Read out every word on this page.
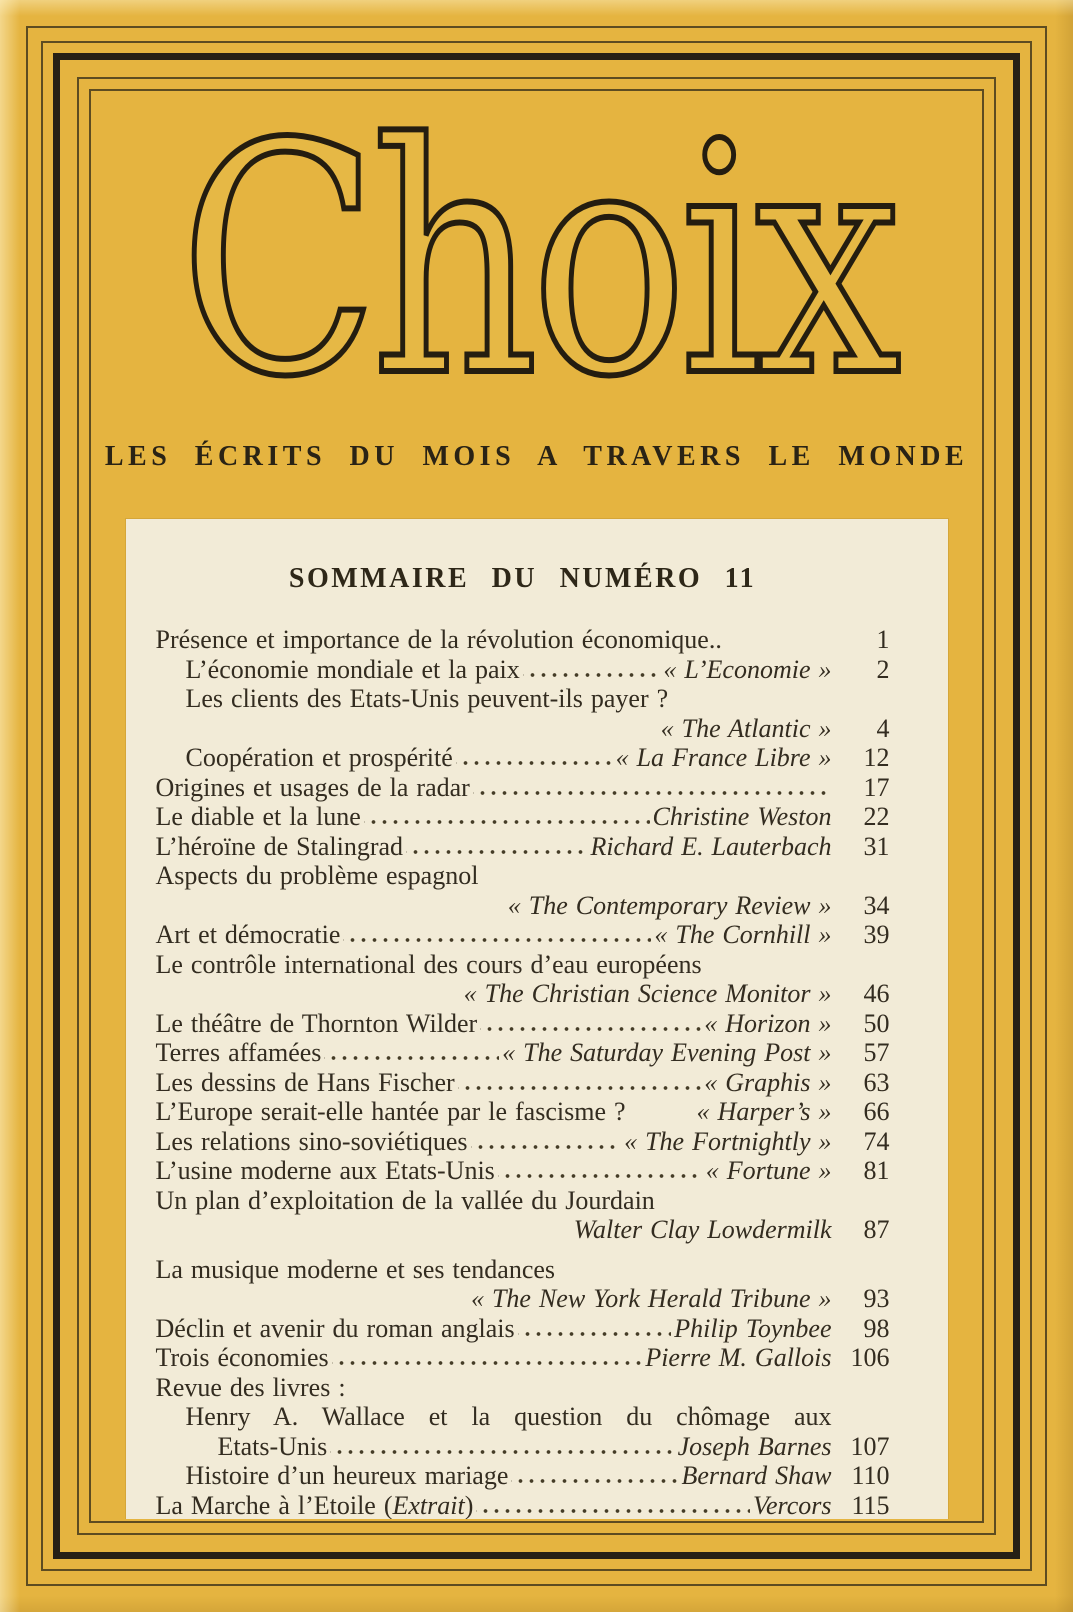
Choix
LES ÉCRITS DU MOIS A TRAVERS LE MONDE
SOMMAIRE DU NUMÉRO 11
Présence et importance de la révolution économique..	1
L’économie mondiale et la paix	« L’Economie »	2
Les clients des Etats-Unis peuvent-ils payer ?
« The Atlantic »	4
Coopération et prospérité	« La France Libre »	12
Origines et usages de la radar	17
Le diable et la lune	Christine Weston	22
L’héroïne de Stalingrad	Richard E. Lauterbach	31
Aspects du problème espagnol
« The Contemporary Review »	34
Art et démocratie	« The Cornhill »	39
Le contrôle international des cours d’eau européens
« The Christian Science Monitor »	46
Le théâtre de Thornton Wilder	« Horizon »	50
Terres affamées	« The Saturday Evening Post »	57
Les dessins de Hans Fischer	« Graphis »	63
L’Europe serait-elle hantée par le fascisme ?	« Harper’s »	66
Les relations sino-soviétiques	« The Fortnightly »	74
L’usine moderne aux Etats-Unis	« Fortune »	81
Un plan d’exploitation de la vallée du Jourdain
Walter Clay Lowdermilk	87
La musique moderne et ses tendances
« The New York Herald Tribune »	93
Déclin et avenir du roman anglais	Philip Toynbee	98
Trois économies	Pierre M. Gallois 106
Revue des livres :
Henry A. Wallace et la question du chômage aux
Etats-Unis	Joseph Barnes 107
Histoire d’un heureux mariage	Bernard Shaw 110
La Marche à l’Etoile ( Extrait )	Vercors 115
